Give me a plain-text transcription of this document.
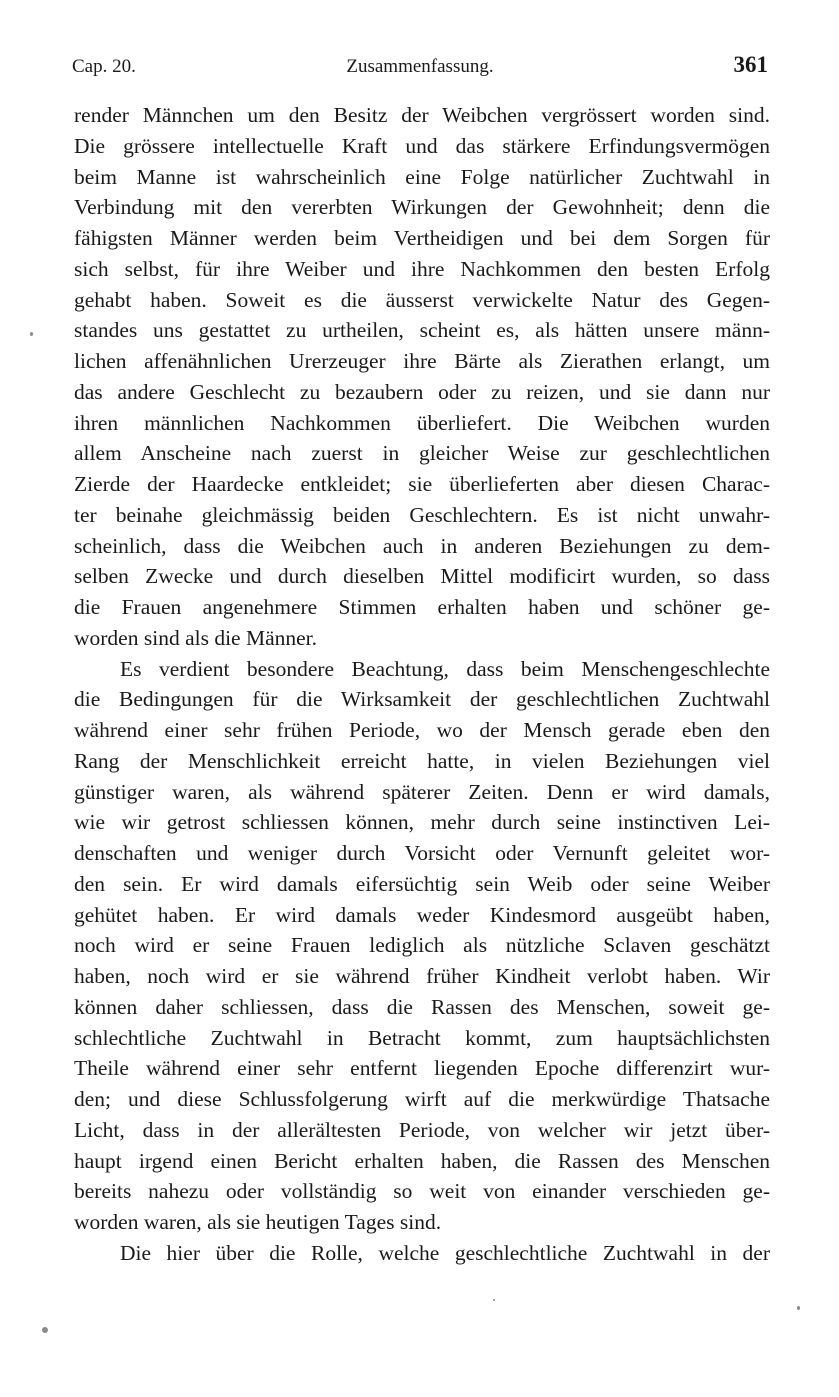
Cap. 20.	Zusammenfassung.	361
render Männchen um den Besitz der Weibchen vergrössert worden sind.
Die grössere intellectuelle Kraft und das stärkere Erfindungsvermögen
beim Manne ist wahrscheinlich eine Folge natürlicher Zuchtwahl in
Verbindung mit den vererbten Wirkungen der Gewohnheit; denn die
fähigsten Männer werden beim Vertheidigen und bei dem Sorgen für
sich selbst, für ihre Weiber und ihre Nachkommen den besten Erfolg
gehabt haben. Soweit es die äusserst verwickelte Natur des Gegen-
standes uns gestattet zu urtheilen, scheint es, als hätten unsere männ-
lichen affenähnlichen Urerzeuger ihre Bärte als Zierathen erlangt, um
das andere Geschlecht zu bezaubern oder zu reizen, und sie dann nur
ihren männlichen Nachkommen überliefert. Die Weibchen wurden
allem Anscheine nach zuerst in gleicher Weise zur geschlechtlichen
Zierde der Haardecke entkleidet; sie überlieferten aber diesen Charac-
ter beinahe gleichmässig beiden Geschlechtern. Es ist nicht unwahr-
scheinlich, dass die Weibchen auch in anderen Beziehungen zu dem-
selben Zwecke und durch dieselben Mittel modificirt wurden, so dass
die Frauen angenehmere Stimmen erhalten haben und schöner ge-
worden sind als die Männer.
Es verdient besondere Beachtung, dass beim Menschengeschlechte
die Bedingungen für die Wirksamkeit der geschlechtlichen Zuchtwahl
während einer sehr frühen Periode, wo der Mensch gerade eben den
Rang der Menschlichkeit erreicht hatte, in vielen Beziehungen viel
günstiger waren, als während späterer Zeiten. Denn er wird damals,
wie wir getrost schliessen können, mehr durch seine instinctiven Lei-
denschaften und weniger durch Vorsicht oder Vernunft geleitet wor-
den sein. Er wird damals eifersüchtig sein Weib oder seine Weiber
gehütet haben. Er wird damals weder Kindesmord ausgeübt haben,
noch wird er seine Frauen lediglich als nützliche Sclaven geschätzt
haben, noch wird er sie während früher Kindheit verlobt haben. Wir
können daher schliessen, dass die Rassen des Menschen, soweit ge-
schlechtliche Zuchtwahl in Betracht kommt, zum hauptsächlichsten
Theile während einer sehr entfernt liegenden Epoche differenzirt wur-
den; und diese Schlussfolgerung wirft auf die merkwürdige Thatsache
Licht, dass in der allerältesten Periode, von welcher wir jetzt über-
haupt irgend einen Bericht erhalten haben, die Rassen des Menschen
bereits nahezu oder vollständig so weit von einander verschieden ge-
worden waren, als sie heutigen Tages sind.
Die hier über die Rolle, welche geschlechtliche Zuchtwahl in der
